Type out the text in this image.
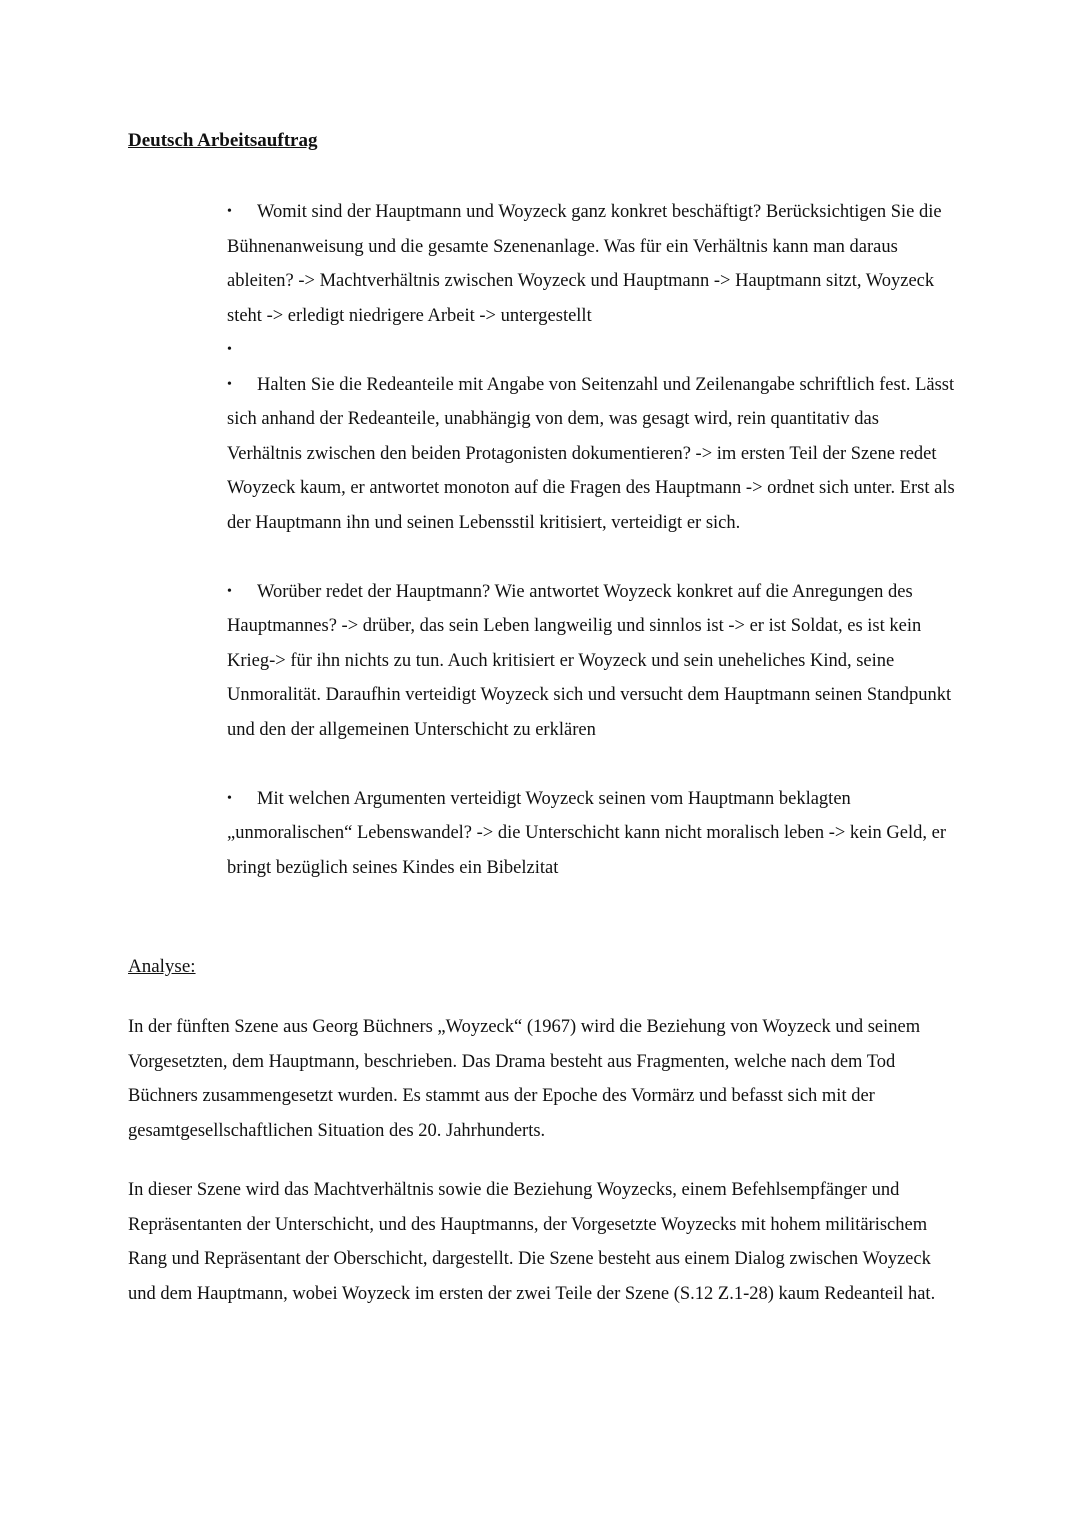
Deutsch Arbeitsauftrag
• Womit sind der Hauptmann und Woyzeck ganz konkret beschäftigt? Berücksichtigen Sie die Bühnenanweisung und die gesamte Szenenanlage. Was für ein Verhältnis kann man daraus ableiten? -> Machtverhältnis zwischen Woyzeck und Hauptmann -> Hauptmann sitzt, Woyzeck steht -> erledigt niedrigere Arbeit -> untergestellt
•
• Halten Sie die Redeanteile mit Angabe von Seitenzahl und Zeilenangabe schriftlich fest. Lässt sich anhand der Redeanteile, unabhängig von dem, was gesagt wird, rein quantitativ das Verhältnis zwischen den beiden Protagonisten dokumentieren? -> im ersten Teil der Szene redet Woyzeck kaum, er antwortet monoton auf die Fragen des Hauptmann -> ordnet sich unter. Erst als der Hauptmann ihn und seinen Lebensstil kritisiert, verteidigt er sich.
• Worüber redet der Hauptmann? Wie antwortet Woyzeck konkret auf die Anregungen des Hauptmannes? -> drüber, das sein Leben langweilig und sinnlos ist -> er ist Soldat, es ist kein Krieg-> für ihn nichts zu tun. Auch kritisiert er Woyzeck und sein uneheliches Kind, seine Unmoralität. Daraufhin verteidigt Woyzeck sich und versucht dem Hauptmann seinen Standpunkt und den der allgemeinen Unterschicht zu erklären
• Mit welchen Argumenten verteidigt Woyzeck seinen vom Hauptmann beklagten „unmoralischen“ Lebenswandel? -> die Unterschicht kann nicht moralisch leben -> kein Geld, er bringt bezüglich seines Kindes ein Bibelzitat
Analyse:

In der fünften Szene aus Georg Büchners „Woyzeck“ (1967) wird die Beziehung von Woyzeck und seinem Vorgesetzten, dem Hauptmann, beschrieben. Das Drama besteht aus Fragmenten, welche nach dem Tod Büchners zusammengesetzt wurden. Es stammt aus der Epoche des Vormärz und befasst sich mit der gesamtgesellschaftlichen Situation des 20. Jahrhunderts.

In dieser Szene wird das Machtverhältnis sowie die Beziehung Woyzecks, einem Befehlsempfänger und Repräsentanten der Unterschicht, und des Hauptmanns, der Vorgesetzte Woyzecks mit hohem militärischem Rang und Repräsentant der Oberschicht, dargestellt. Die Szene besteht aus einem Dialog zwischen Woyzeck und dem Hauptmann, wobei Woyzeck im ersten der zwei Teile der Szene (S.12 Z.1-28) kaum Redeanteil hat.
